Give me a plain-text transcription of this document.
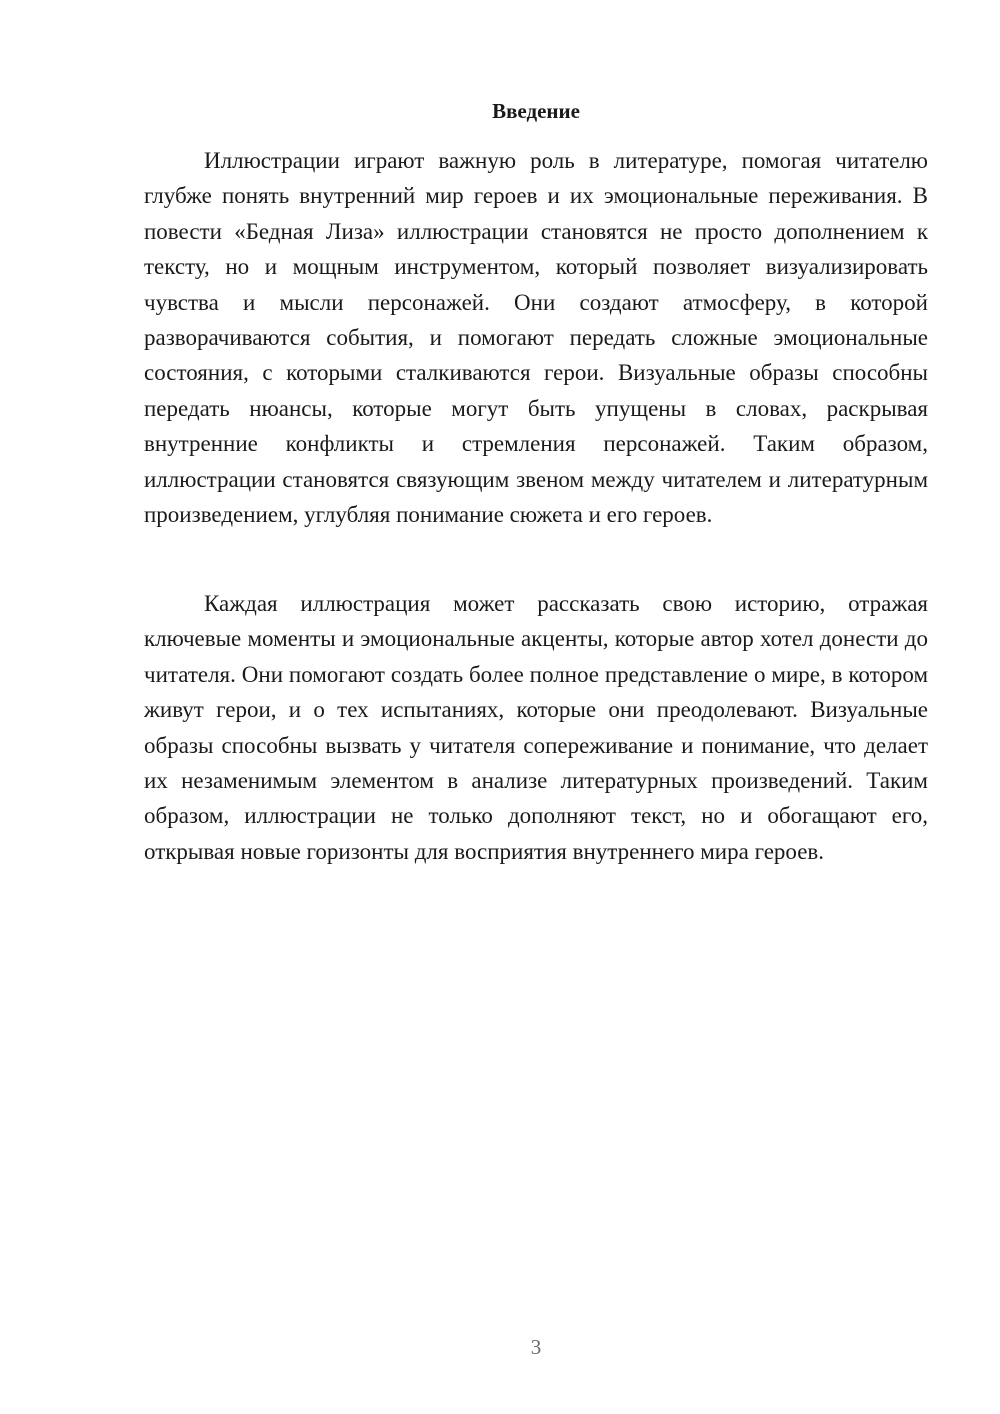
Введение

Иллюстрации играют важную роль в литературе, помогая читателю глубже понять внутренний мир героев и их эмоциональные переживания. В повести «Бедная Лиза» иллюстрации становятся не просто дополнением к тексту, но и мощным инструментом, который позволяет визуализировать чувства и мысли персонажей. Они создают атмосферу, в которой разворачиваются события, и помогают передать сложные эмоциональные состояния, с которыми сталкиваются герои. Визуальные образы способны передать нюансы, которые могут быть упущены в словах, раскрывая внутренние конфликты и стремления персонажей. Таким образом, иллюстрации становятся связующим звеном между читателем и литературным произведением, углубляя понимание сюжета и его героев.

Каждая иллюстрация может рассказать свою историю, отражая ключевые моменты и эмоциональные акценты, которые автор хотел донести до читателя. Они помогают создать более полное представление о мире, в котором живут герои, и о тех испытаниях, которые они преодолевают. Визуальные образы способны вызвать у читателя сопереживание и понимание, что делает их незаменимым элементом в анализе литературных произведений. Таким образом, иллюстрации не только дополняют текст, но и обогащают его, открывая новые горизонты для восприятия внутреннего мира героев.

3
